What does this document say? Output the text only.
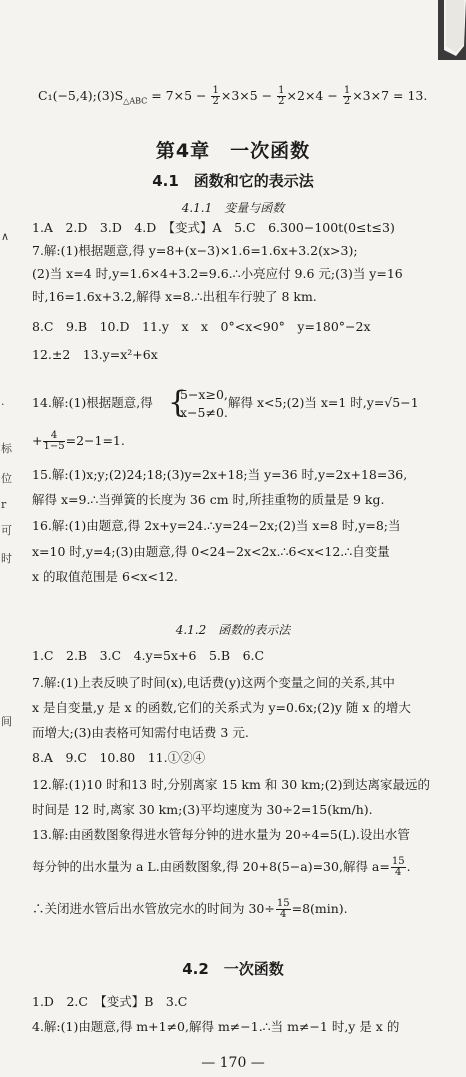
∧
·
标
位
r
可
时
间
$C_1(-5,4);(3)S_{\triangle ABC} = 7\times 5 - \frac{1}{2} \times 3\times 5 - \frac{1}{2} \times 2\times 4 - \frac{1}{2} \times 3\times 7 = 13$.
第4章　一次函数
4.1　函数和它的表示法
4.1.1　变量与函数
1.A　2.D　3.D　4.D　【变式】A　5.C　6.300−100t(0≤t≤3)
7.解:(1)根据题意,得 y=8+(x−3)×1.6=1.6x+3.2(x>3);
(2)当 x=4 时,y=1.6×4+3.2=9.6.∴小亮应付 9.6 元;(3)当 y=16
时,16=1.6x+3.2,解得 x=8.∴出租车行驶了 8 km.
8.C　9.B　10.D　11.y　x　x　0°<x<90°　y=180°−2x
12.±2　13.y=x²+6x
14.解:(1)根据题意,得 {
5−x≥0,
x−5≠0.
解得 x<5;(2)当 x=1 时,y=√5−1
+ $\frac{4}{1-5} =2-1=1$.
15.解:(1)x;y;(2)24;18;(3)y=2x+18;当 y=36 时,y=2x+18=36,
解得 x=9.∴当弹簧的长度为 36 cm 时,所挂重物的质量是 9 kg.
16.解:(1)由题意,得 2x+y=24.∴y=24−2x;(2)当 x=8 时,y=8;当
x=10 时,y=4;(3)由题意,得 0<24−2x<2x.∴6<x<12.∴自变量
x 的取值范围是 6<x<12.
4.1.2　函数的表示法
1.C　2.B　3.C　4.y=5x+6　5.B　6.C
7.解:(1)上表反映了时间(x),电话费(y)这两个变量之间的关系,其中
x 是自变量,y 是 x 的函数,它们的关系式为 y=0.6x;(2)y 随 x 的增大
而增大;(3)由表格可知需付电话费 3 元.
8.A　9.C　10.80　11.①②④
12.解:(1)10 时和13 时,分别离家 15 km 和 30 km;(2)到达离家最远的
时间是 12 时,离家 30 km;(3)平均速度为 30÷2=15(km/h).
13.解:由函数图象得进水管每分钟的进水量为 20÷4=5(L).设出水管
每分钟的出水量为 a L.由函数图象,得 20+8(5−a)=30,解得 $a= \frac{15}{4}$ .
∴关闭进水管后出水管放完水的时间为 $30\div \frac{15}{4} =8(\min)$.
4.2　一次函数
1.D　2.C　【变式】B　3.C
4.解:(1)由题意,得 m+1≠0,解得 m≠−1.∴当 m≠−1 时,y 是 x 的
— 170 —
